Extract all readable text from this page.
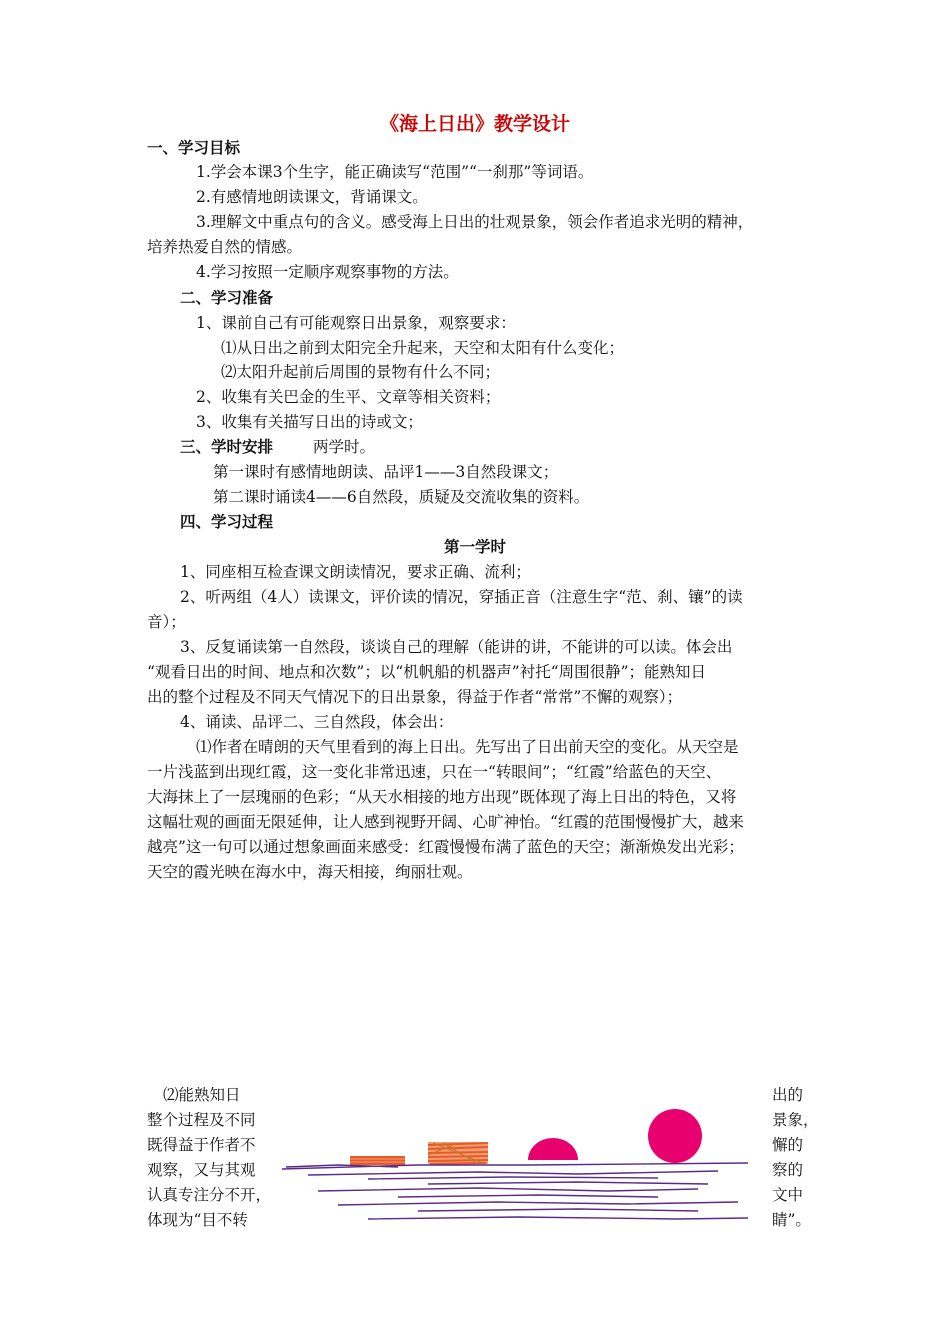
《海上日出》教学设计
一、学习目标
1.学会本课3个生字，能正确读写“范围”“一刹那”等词语。
2.有感情地朗读课文，背诵课文。
3.理解文中重点句的含义。感受海上日出的壮观景象，领会作者追求光明的精神，
培养热爱自然的情感。
4.学习按照一定顺序观察事物的方法。
二、学习准备
1、课前自己有可能观察日出景象，观察要求：
⑴从日出之前到太阳完全升起来，天空和太阳有什么变化；
⑵太阳升起前后周围的景物有什么不同；
2、收集有关巴金的生平、文章等相关资料；
3、收集有关描写日出的诗或文；
三、学时安排	两学时。
第一课时有感情地朗读、品评1——3自然段课文；
第二课时诵读4——6自然段，质疑及交流收集的资料。
四、学习过程
第一学时
1、同座相互检查课文朗读情况，要求正确、流利；
2、听两组（4人）读课文，评价读的情况，穿插正音（注意生字“范、刹、镶”的读
音）；
3、反复诵读第一自然段，谈谈自己的理解（能讲的讲，不能讲的可以读。体会出
“观看日出的时间、地点和次数”；以“机帆船的机器声”衬托“周围很静”；能熟知日
出的整个过程及不同天气情况下的日出景象，得益于作者“常常”不懈的观察）；
4、诵读、品评二、三自然段，体会出：
⑴作者在晴朗的天气里看到的海上日出。先写出了日出前天空的变化。从天空是
一片浅蓝到出现红霞，这一变化非常迅速，只在一“转眼间”；“红霞”给蓝色的天空、
大海抹上了一层瑰丽的色彩；“从天水相接的地方出现”既体现了海上日出的特色，又将
这幅壮观的画面无限延伸，让人感到视野开阔、心旷神怡。“红霞的范围慢慢扩大，越来
越亮”这一句可以通过想象画面来感受：红霞慢慢布满了蓝色的天空；渐渐焕发出光彩；
天空的霞光映在海水中，海天相接，绚丽壮观。
⑵能熟知日
整个过程及不同
既得益于作者不
观察，又与其观
认真专注分不开，
体现为“目不转
出的
景象，
懈的
察的
文中
睛”。
